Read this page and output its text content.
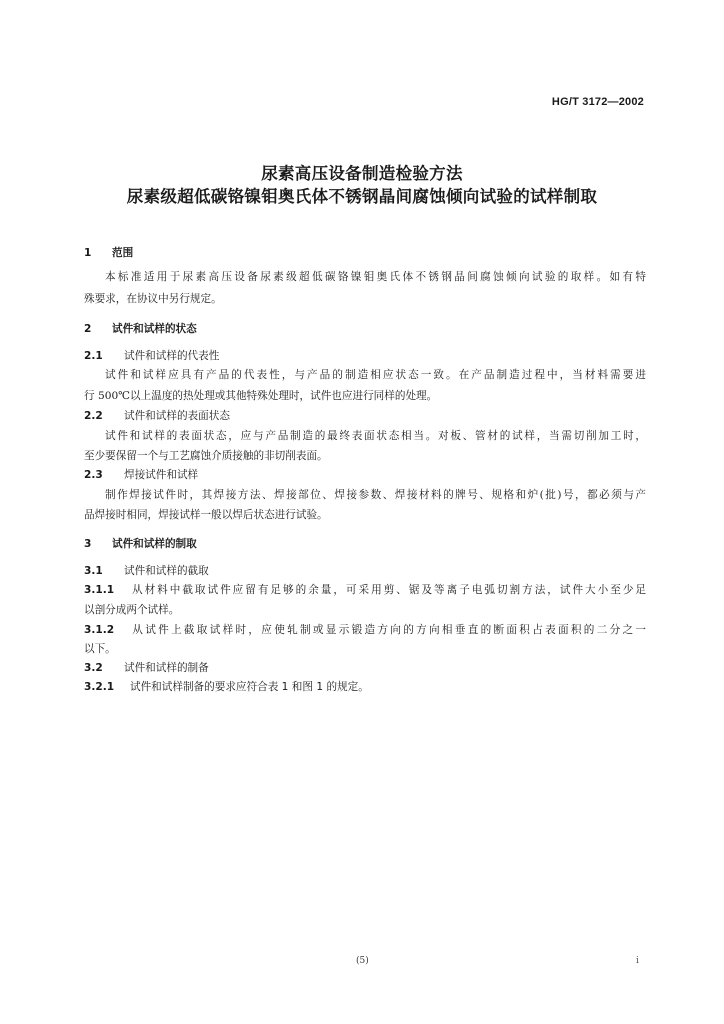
HG/T 3172—2002
尿素高压设备制造检验方法
尿素级超低碳铬镍钼奥氏体不锈钢晶间腐蚀倾向试验的试样制取
1 范围
本标准适用于尿素高压设备尿素级超低碳铬镍钼奥氏体不锈钢晶间腐蚀倾向试验的取样。如有特
殊要求，在协议中另行规定。
2 试件和试样的状态
2.1 试件和试样的代表性
试件和试样应具有产品的代表性，与产品的制造相应状态一致。在产品制造过程中，当材料需要进
行 500℃以上温度的热处理或其他特殊处理时，试件也应进行同样的处理。
2.2 试件和试样的表面状态
试件和试样的表面状态，应与产品制造的最终表面状态相当。对板、管材的试样，当需切削加工时，
至少要保留一个与工艺腐蚀介质接触的非切削表面。
2.3 焊接试件和试样
制作焊接试件时，其焊接方法、焊接部位、焊接参数、焊接材料的牌号、规格和炉(批)号，都必须与产
品焊接时相同，焊接试样一般以焊后状态进行试验。
3 试件和试样的制取
3.1 试件和试样的截取
3.1.1 从材料中截取试件应留有足够的余量，可采用剪、锯及等离子电弧切割方法，试件大小至少足
以剖分成两个试样。
3.1.2 从试件上截取试样时，应使轧制或显示锻造方向的方向相垂直的断面积占表面积的二分之一
以下。
3.2 试件和试样的制备
3.2.1 试件和试样制备的要求应符合表 1 和图 1 的规定。
(5)	i
